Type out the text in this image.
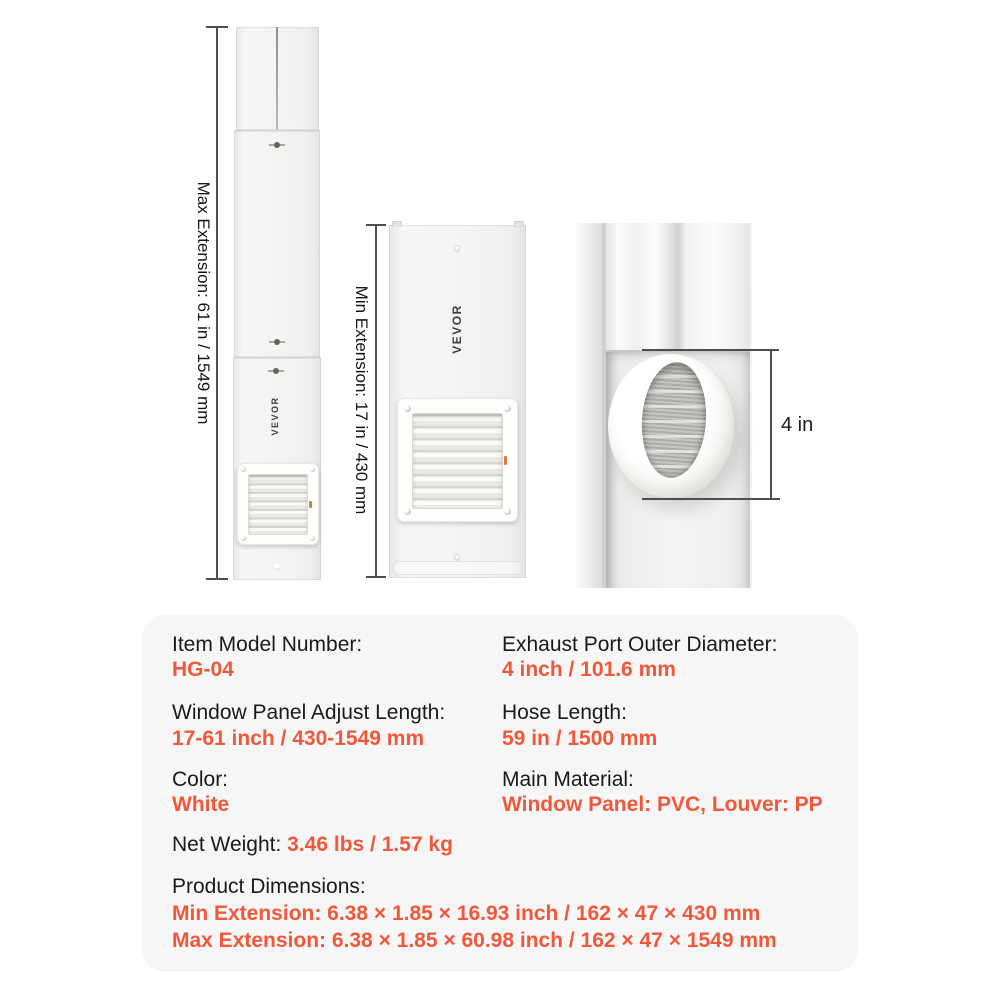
Max Extension: 61 in / 1549 mm	VEVOR	Min Extension: 17 in / 430 mm	VEVOR
4 in
Item Model Number:
HG-04
Exhaust Port Outer Diameter:
4 inch / 101.6 mm
Window Panel Adjust Length:
17-61 inch / 430-1549 mm
Hose Length:
59 in / 1500 mm
Color:
White
Main Material:
Window Panel: PVC, Louver: PP
Net Weight: 3.46 lbs / 1.57 kg
Product Dimensions:
Min Extension: 6.38 × 1.85 × 16.93 inch / 162 × 47 × 430 mm
Max Extension: 6.38 × 1.85 × 60.98 inch / 162 × 47 × 1549 mm
